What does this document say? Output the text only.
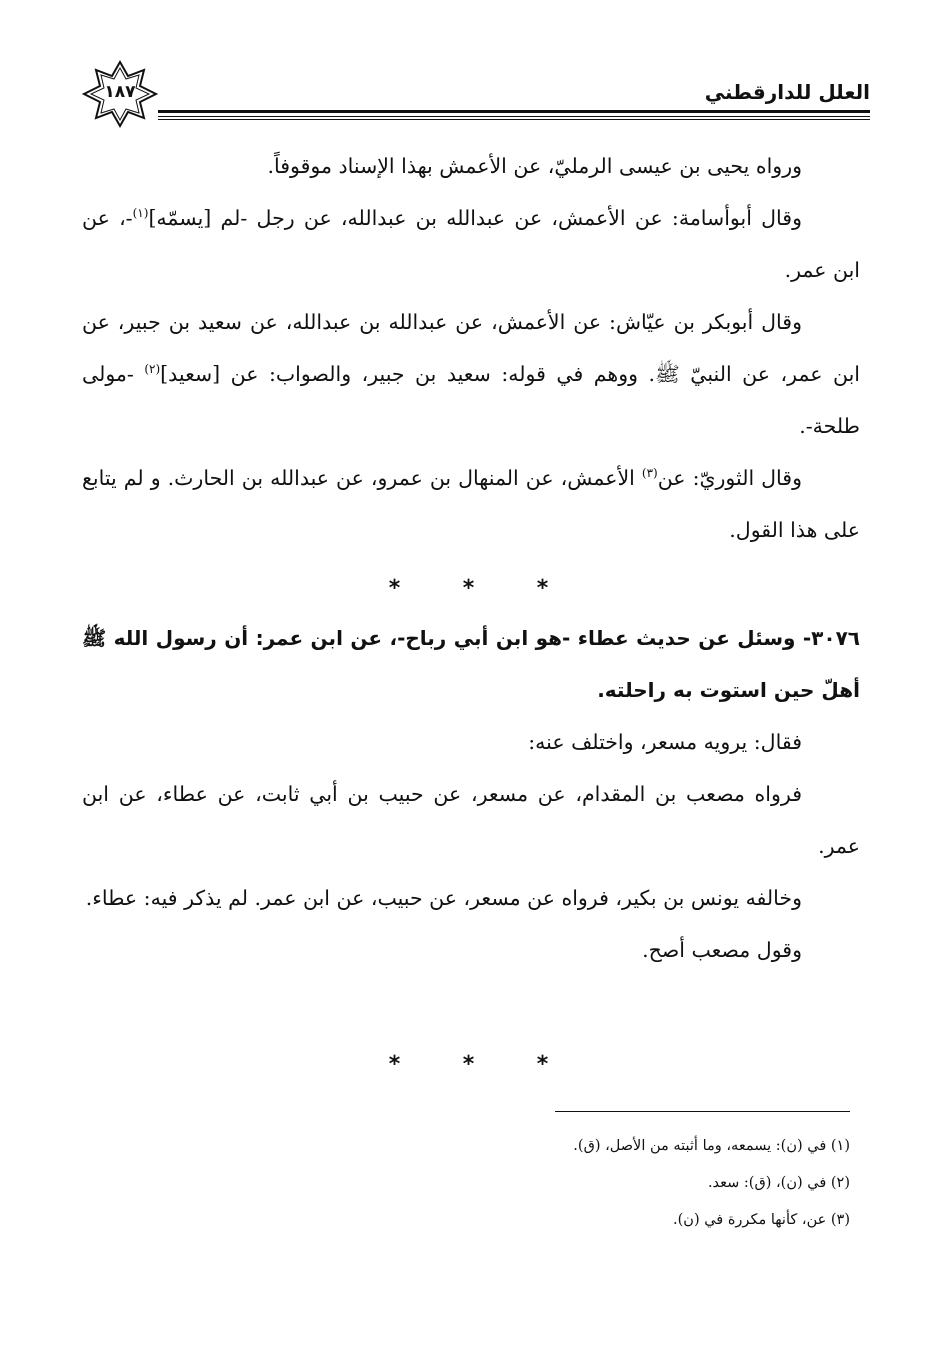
١٨٧	العلل للدارقطني

ورواه يحيى بن عيسى الرمليّ، عن الأعمش بهذا الإسناد موقوفاً.

وقال أبوأسامة: عن الأعمش، عن عبدالله بن عبدالله، عن رجل -لم [يسمّه]$^{(١)}$-، عن ابن عمر.

وقال أبوبكر بن عيّاش: عن الأعمش، عن عبدالله بن عبدالله، عن سعيد بن جبير، عن ابن عمر، عن النبيّ ﷺ. ووهم في قوله: سعيد بن جبير، والصواب: عن [سعيد]$^{(٢)}$ -مولى طلحة-.

وقال الثوريّ: عن$^{(٣)}$ الأعمش، عن المنهال بن عمرو، عن عبدالله بن الحارث. و لم يتابع على هذا القول.

*	*	*

٣٠٧٦- وسئل عن حديث عطاء -هو ابن أبي رباح-، عن ابن عمر: أن رسول الله ﷺ أهلّ حين استوت به راحلته.

فقال: يرويه مسعر، واختلف عنه:

فرواه مصعب بن المقدام، عن مسعر، عن حبيب بن أبي ثابت، عن عطاء، عن ابن عمر.

وخالفه يونس بن بكير، فرواه عن مسعر، عن حبيب، عن ابن عمر. لم يذكر فيه: عطاء.

وقول مصعب أصح.

*	*	*

(١) في (ن): يسمعه، وما أثبته من الأصل، (ق).

(٢) في (ن)، (ق): سعد.

(٣) عن، كأنها مكررة في (ن).
